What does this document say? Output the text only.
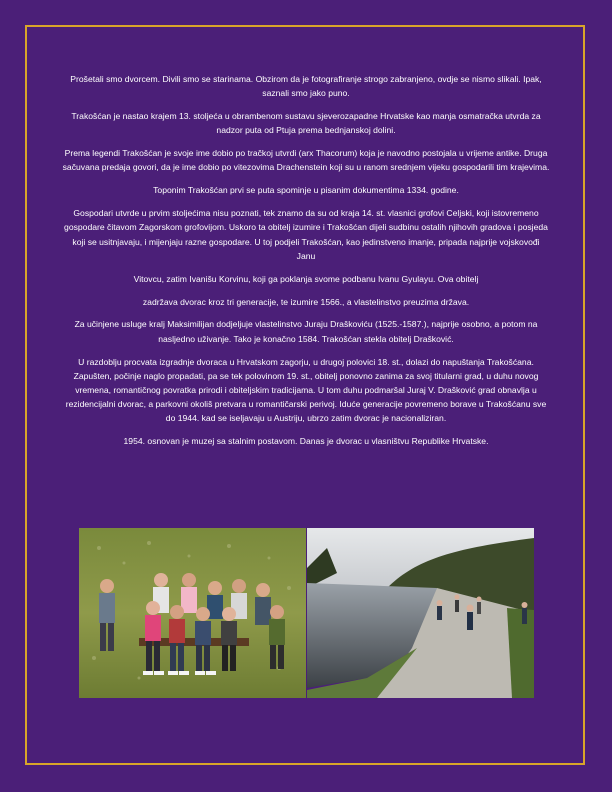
Prošetali smo dvorcem. Divili smo se starinama. Obzirom da je fotografiranje strogo zabranjeno, ovdje se nismo slikali. Ipak, saznali smo jako puno.

Trakošćan je nastao krajem 13. stoljeća u obrambenom sustavu sjeverozapadne Hrvatske kao manja osmatračka utvrda za nadzor puta od Ptuja prema bednjanskoj dolini.

Prema legendi Trakošćan je svoje ime dobio po tračkoj utvrdi (arx Thacorum) koja je navodno postojala u vrijeme antike. Druga sačuvana predaja govori, da je ime dobio po vitezovima Drachenstein koji su u ranom srednjem vijeku gospodarili tim krajevima.

Toponim Trakošćan prvi se puta spominje u pisanim dokumentima 1334. godine.

Gospodari utvrde u prvim stoljećima nisu poznati, tek znamo da su od kraja 14. st. vlasnici grofovi Celjski, koji istovremeno gospodare čitavom Zagorskom grofovijom. Uskoro ta obitelj izumire i Trakošćan dijeli sudbinu ostalih njihovih gradova i posjeda koji se usitnjavaju, i mijenjaju razne gospodare. U toj podjeli Trakošćan, kao jedinstveno imanje, pripada najprije vojskovođi Janu

Vitovcu, zatim Ivanišu Korvinu, koji ga poklanja svome podbanu Ivanu Gyulayu. Ova obitelj

zadržava dvorac kroz tri generacije, te izumire 1566., a vlastelinstvo preuzima država.

Za učinjene usluge kralj Maksimilijan dodjeljuje vlastelinstvo Juraju Draškoviću (1525.-1587.), najprije osobno, a potom na nasljedno uživanje. Tako je konačno 1584. Trakošćan stekla obitelj Drašković.

U razdoblju procvata izgradnje dvoraca u Hrvatskom zagorju, u drugoj polovici 18. st., dolazi do napuštanja Trakošćana. Zapušten, počinje naglo propadati, pa se tek polovinom 19. st., obitelj ponovno zanima za svoj titularni grad, u duhu novog vremena, romantičnog povratka prirodi i obiteljskim tradicijama. U tom duhu podmaršal Juraj V. Drašković grad obnavlja u rezidencijalni dvorac, a parkovni okoliš pretvara u romantičarski perivoj. Iduće generacije povremeno borave u Trakošćanu sve do 1944. kad se iseljavaju u Austriju, ubrzo zatim dvorac je nacionaliziran.

1954. osnovan je muzej sa stalnim postavom. Danas je dvorac u vlasništvu Republike Hrvatske.
